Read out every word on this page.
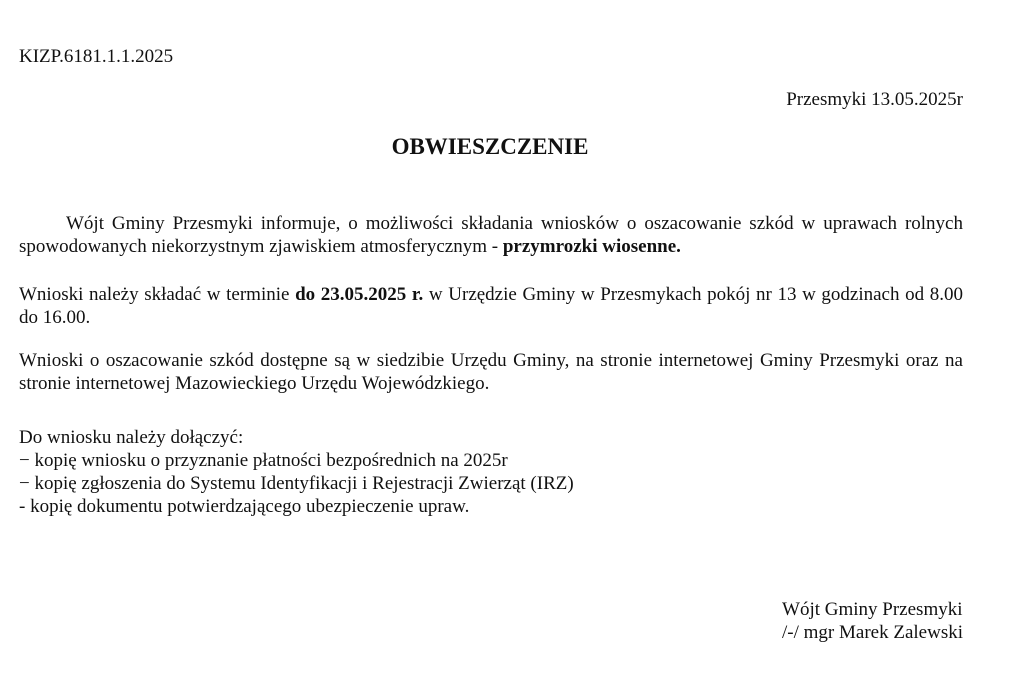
KIZP.6181.1.1.2025
Przesmyki 13.05.2025r
OBWIESZCZENIE

Wójt Gminy Przesmyki informuje, o możliwości składania wniosków o oszacowanie szkód w uprawach rolnych spowodowanych niekorzystnym zjawiskiem atmosferycznym - przymrozki wiosenne.

Wnioski należy składać w terminie do 23.05.2025 r. w Urzędzie Gminy w Przesmykach pokój nr 13 w godzinach od 8.00 do 16.00.

Wnioski o oszacowanie szkód dostępne są w siedzibie Urzędu Gminy, na stronie internetowej Gminy Przesmyki oraz na stronie internetowej Mazowieckiego Urzędu Wojewódzkiego.

Do wniosku należy dołączyć:
− kopię wniosku o przyznanie płatności bezpośrednich na 2025r
− kopię zgłoszenia do Systemu Identyfikacji i Rejestracji Zwierząt (IRZ)
- kopię dokumentu potwierdzającego ubezpieczenie upraw.
Wójt Gminy Przesmyki
/-/ mgr Marek Zalewski
